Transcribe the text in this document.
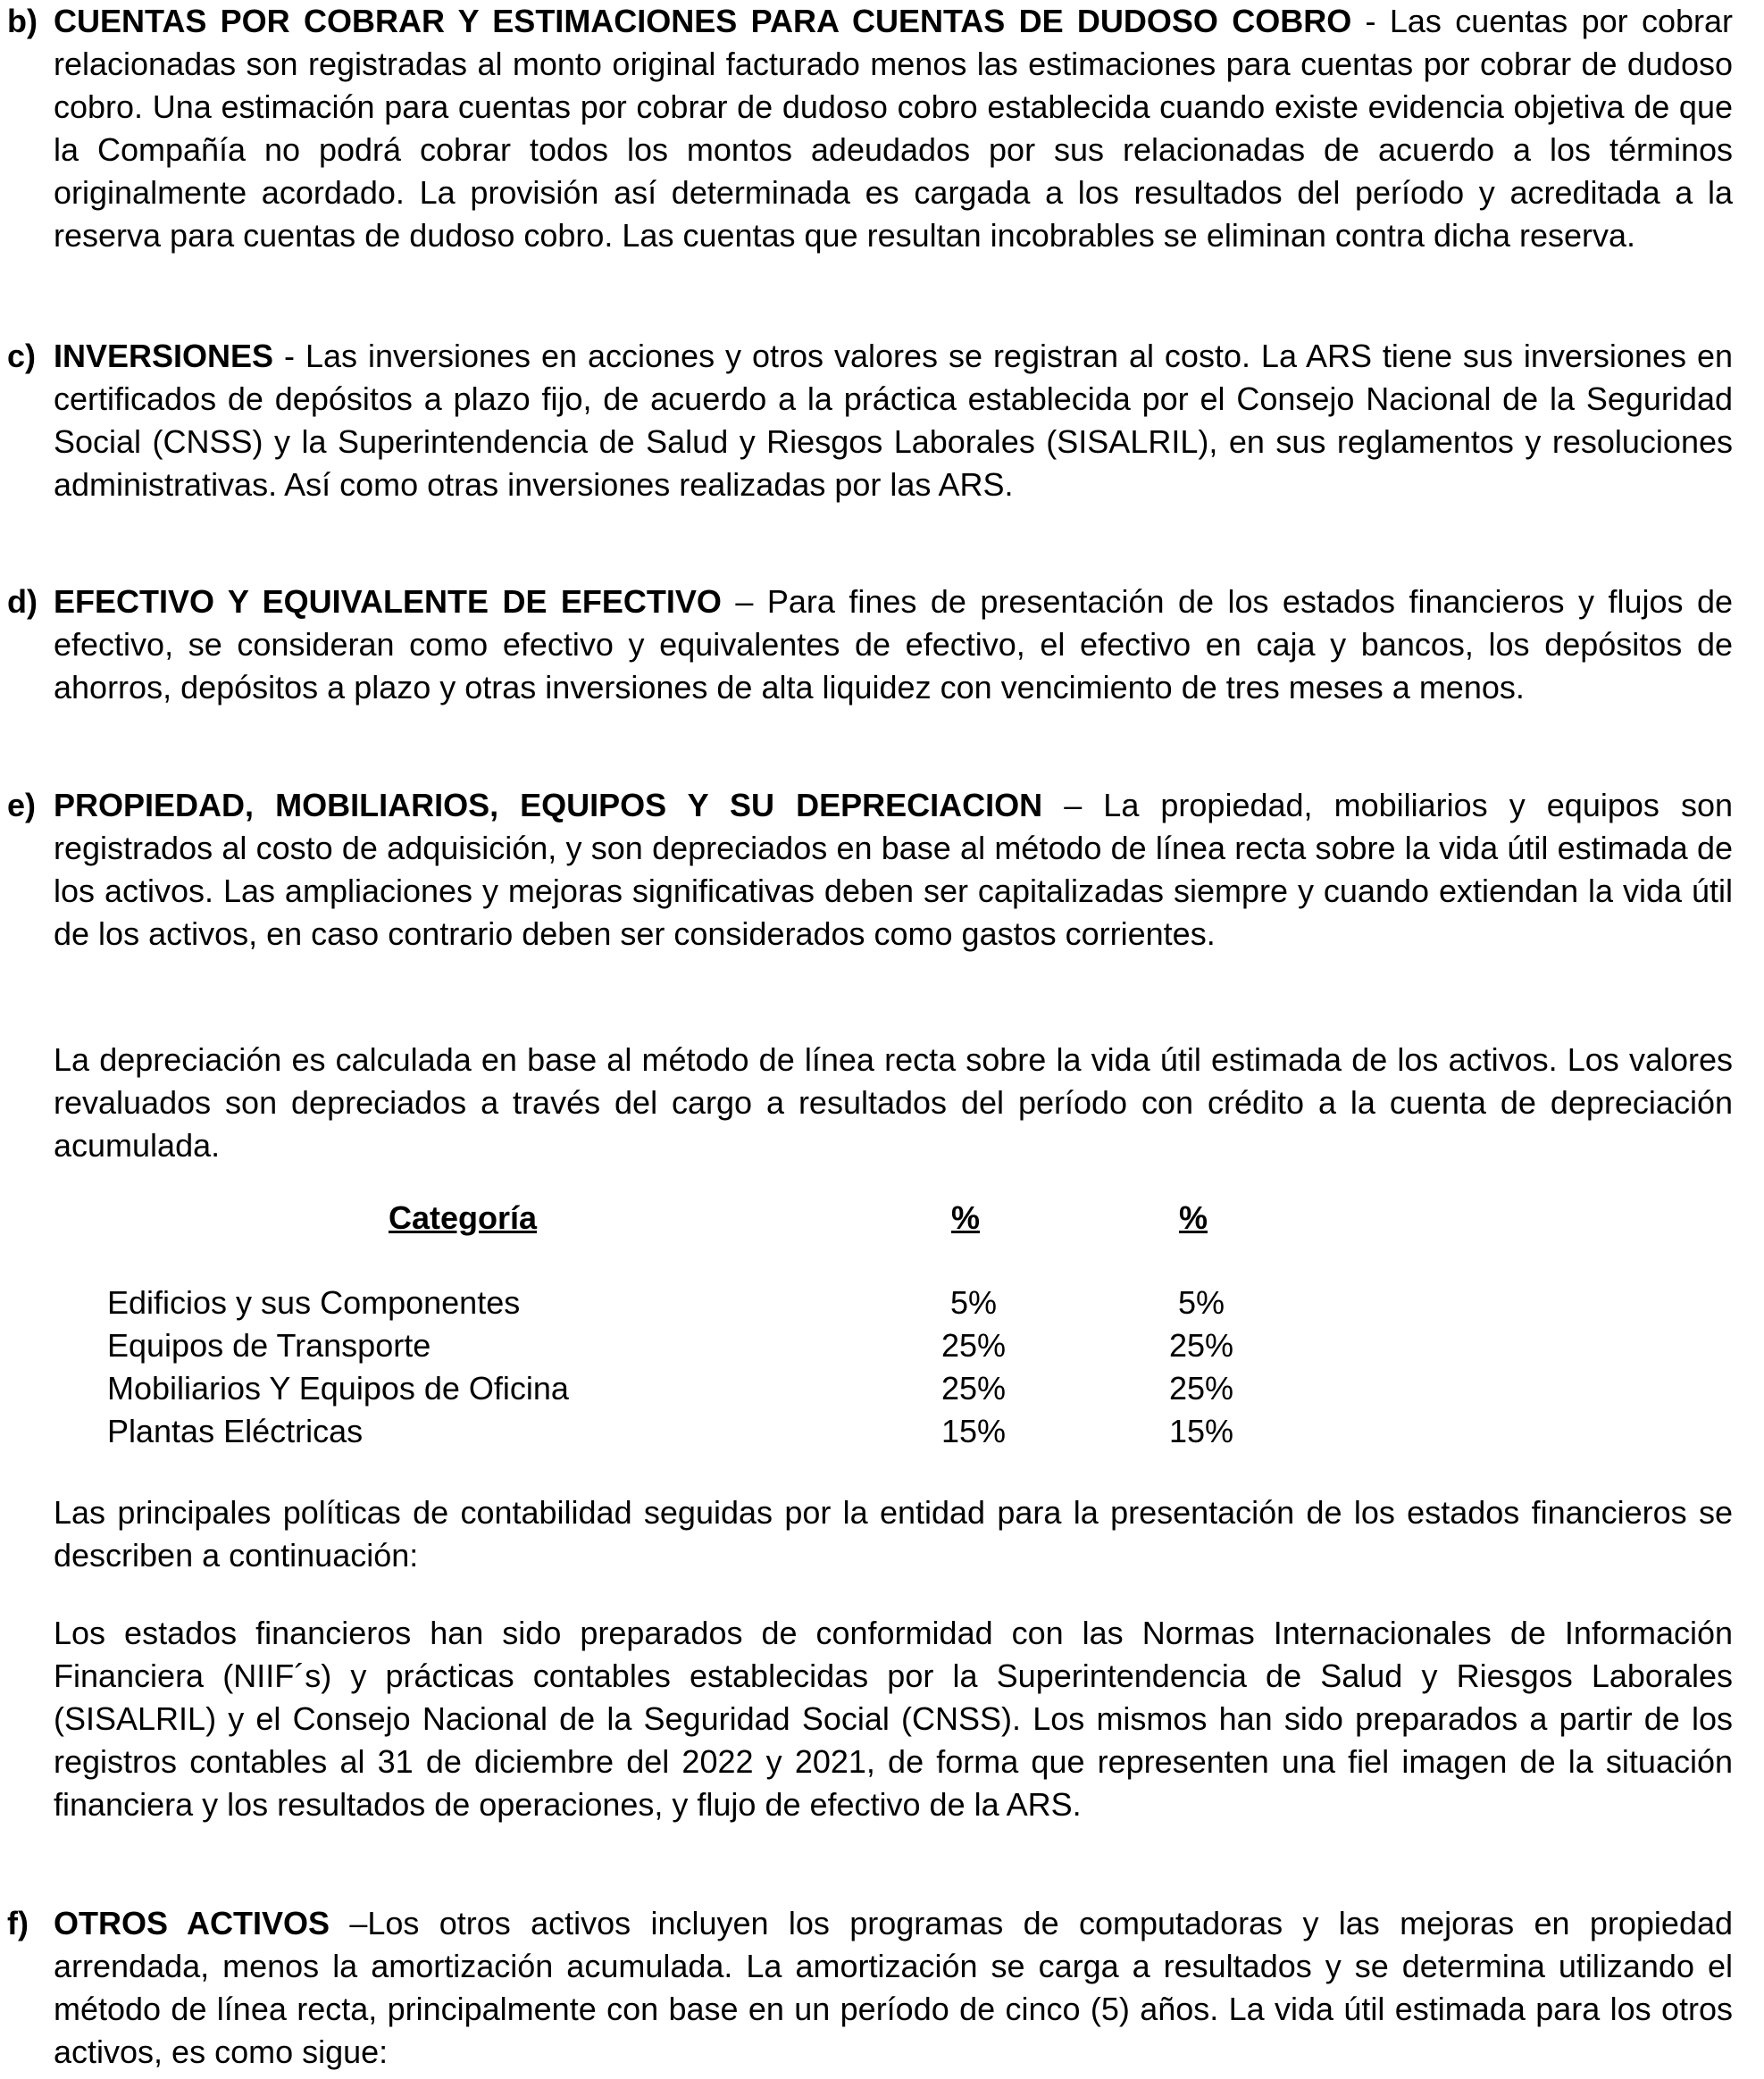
b) CUENTAS POR COBRAR Y ESTIMACIONES PARA CUENTAS DE DUDOSO COBRO - Las cuentas por cobrar relacionadas son registradas al monto original facturado menos las estimaciones para cuentas por cobrar de dudoso cobro. Una estimación para cuentas por cobrar de dudoso cobro establecida cuando existe evidencia objetiva de que la Compañía no podrá cobrar todos los montos adeudados por sus relacionadas de acuerdo a los términos originalmente acordado. La provisión así determinada es cargada a los resultados del período y acreditada a la reserva para cuentas de dudoso cobro. Las cuentas que resultan incobrables se eliminan contra dicha reserva.
c) INVERSIONES - Las inversiones en acciones y otros valores se registran al costo. La ARS tiene sus inversiones en certificados de depósitos a plazo fijo, de acuerdo a la práctica establecida por el Consejo Nacional de la Seguridad Social (CNSS) y la Superintendencia de Salud y Riesgos Laborales (SISALRIL), en sus reglamentos y resoluciones administrativas. Así como otras inversiones realizadas por las ARS.
d) EFECTIVO Y EQUIVALENTE DE EFECTIVO – Para fines de presentación de los estados financieros y flujos de efectivo, se consideran como efectivo y equivalentes de efectivo, el efectivo en caja y bancos, los depósitos de ahorros, depósitos a plazo y otras inversiones de alta liquidez con vencimiento de tres meses a menos.
e) PROPIEDAD, MOBILIARIOS, EQUIPOS Y SU DEPRECIACION – La propiedad, mobiliarios y equipos son registrados al costo de adquisición, y son depreciados en base al método de línea recta sobre la vida útil estimada de los activos. Las ampliaciones y mejoras significativas deben ser capitalizadas siempre y cuando extiendan la vida útil de los activos, en caso contrario deben ser considerados como gastos corrientes.
La depreciación es calculada en base al método de línea recta sobre la vida útil estimada de los activos. Los valores revaluados son depreciados a través del cargo a resultados del período con crédito a la cuenta de depreciación acumulada.
Categoría	%	%
Edificios y sus Componentes	5%	5%
Equipos de Transporte	25%	25%
Mobiliarios Y Equipos de Oficina	25%	25%
Plantas Eléctricas	15%	15%
Las principales políticas de contabilidad seguidas por la entidad para la presentación de los estados financieros se describen a continuación:
Los estados financieros han sido preparados de conformidad con las Normas Internacionales de Información Financiera (NIIF´s) y prácticas contables establecidas por la Superintendencia de Salud y Riesgos Laborales (SISALRIL) y el Consejo Nacional de la Seguridad Social (CNSS). Los mismos han sido preparados a partir de los registros contables al 31 de diciembre del 2022 y 2021, de forma que representen una fiel imagen de la situación financiera y los resultados de operaciones, y flujo de efectivo de la ARS.
f) OTROS ACTIVOS –Los otros activos incluyen los programas de computadoras y las mejoras en propiedad arrendada, menos la amortización acumulada. La amortización se carga a resultados y se determina utilizando el método de línea recta, principalmente con base en un período de cinco (5) años. La vida útil estimada para los otros activos, es como sigue:
